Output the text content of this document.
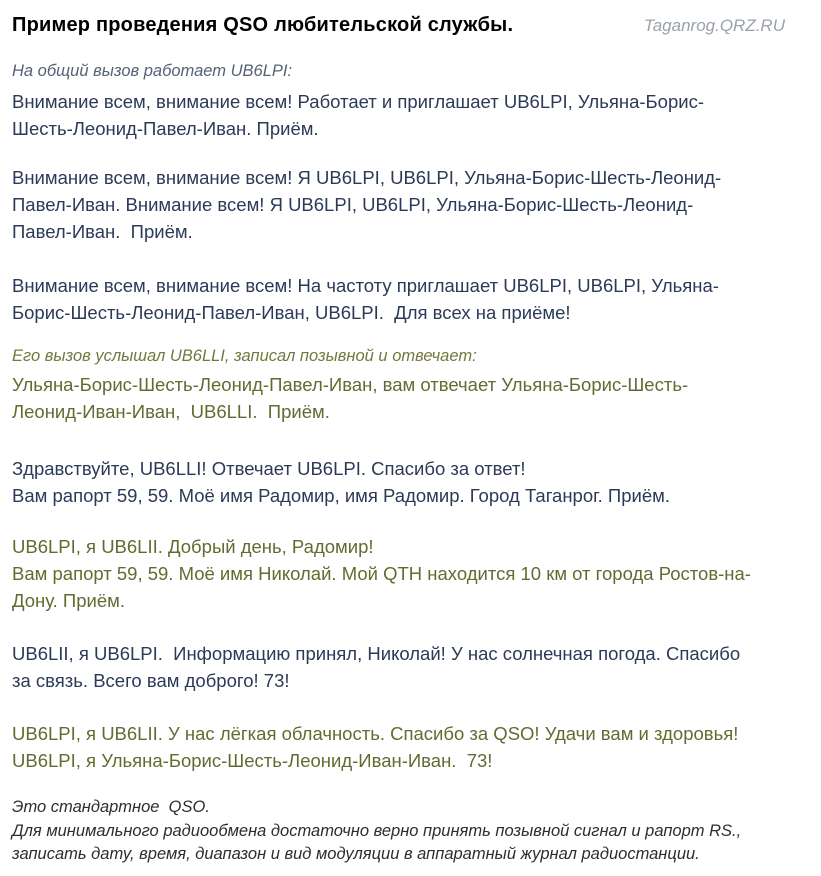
Пример проведения QSO любительской службы.	Taganrog.QRZ.RU
На общий вызов работает UB6LPI:
Внимание всем, внимание всем! Работает и приглашает UB6LPI, Ульяна-Борис-
Шесть-Леонид-Павел-Иван. Приём.
Внимание всем, внимание всем! Я UB6LPI, UB6LPI, Ульяна-Борис-Шесть-Леонид-
Павел-Иван. Внимание всем! Я UB6LPI, UB6LPI, Ульяна-Борис-Шесть-Леонид-
Павел-Иван.  Приём.
Внимание всем, внимание всем! На частоту приглашает UB6LPI, UB6LPI, Ульяна-
Борис-Шесть-Леонид-Павел-Иван, UB6LPI.  Для всех на приёме!
Его вызов услышал UB6LLI, записал позывной и отвечает:
Ульяна-Борис-Шесть-Леонид-Павел-Иван, вам отвечает Ульяна-Борис-Шесть-
Леонид-Иван-Иван,  UB6LLI.  Приём.
Здравствуйте, UB6LLI! Отвечает UB6LPI. Спасибо за ответ!
Вам рапорт 59, 59. Моё имя Радомир, имя Радомир. Город Таганрог. Приём.
UB6LPI, я UB6LII. Добрый день, Радомир!
Вам рапорт 59, 59. Моё имя Николай. Мой QTH находится 10 км от города Ростов-на-
Дону. Приём.
UB6LII, я UB6LPI.  Информацию принял, Николай! У нас солнечная погода. Спасибо
за связь. Всего вам доброго! 73!
UB6LPI, я UB6LII. У нас лёгкая облачность. Спасибо за QSO! Удачи вам и здоровья!
UB6LPI, я Ульяна-Борис-Шесть-Леонид-Иван-Иван.  73!
Это стандартное  QSO.
Для минимального радиообмена достаточно верно принять позывной сигнал и рапорт RS.,
записать дату, время, диапазон и вид модуляции в аппаратный журнал радиостанции.
